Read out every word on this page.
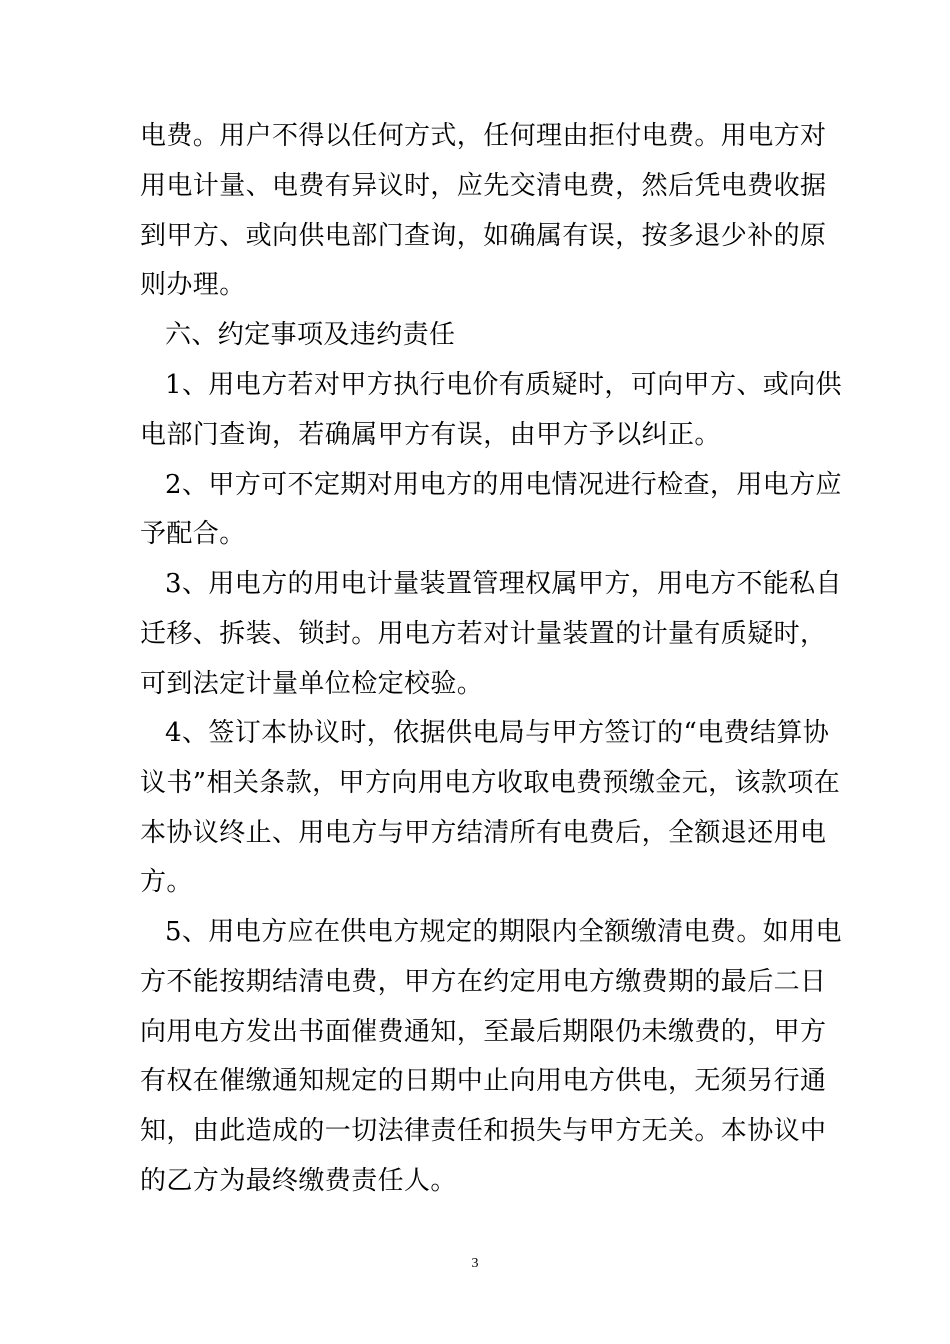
电费。用户不得以任何方式，任何理由拒付电费。用电方对
用电计量、电费有异议时，应先交清电费，然后凭电费收据
到甲方、或向供电部门查询，如确属有误，按多退少补的原
则办理。
六、约定事项及违约责任
1、用电方若对甲方执行电价有质疑时，可向甲方、或向供
电部门查询，若确属甲方有误，由甲方予以纠正。
2、甲方可不定期对用电方的用电情况进行检查，用电方应
予配合。
3、用电方的用电计量装置管理权属甲方，用电方不能私自
迁移、拆装、锁封。用电方若对计量装置的计量有质疑时，
可到法定计量单位检定校验。
4、签订本协议时，依据供电局与甲方签订的“电费结算协
议书”相关条款，甲方向用电方收取电费预缴金元，该款项在
本协议终止、用电方与甲方结清所有电费后，全额退还用电
方。
5、用电方应在供电方规定的期限内全额缴清电费。如用电
方不能按期结清电费，甲方在约定用电方缴费期的最后二日
向用电方发出书面催费通知，至最后期限仍未缴费的，甲方
有权在催缴通知规定的日期中止向用电方供电，无须另行通
知，由此造成的一切法律责任和损失与甲方无关。本协议中
的乙方为最终缴费责任人。
3
